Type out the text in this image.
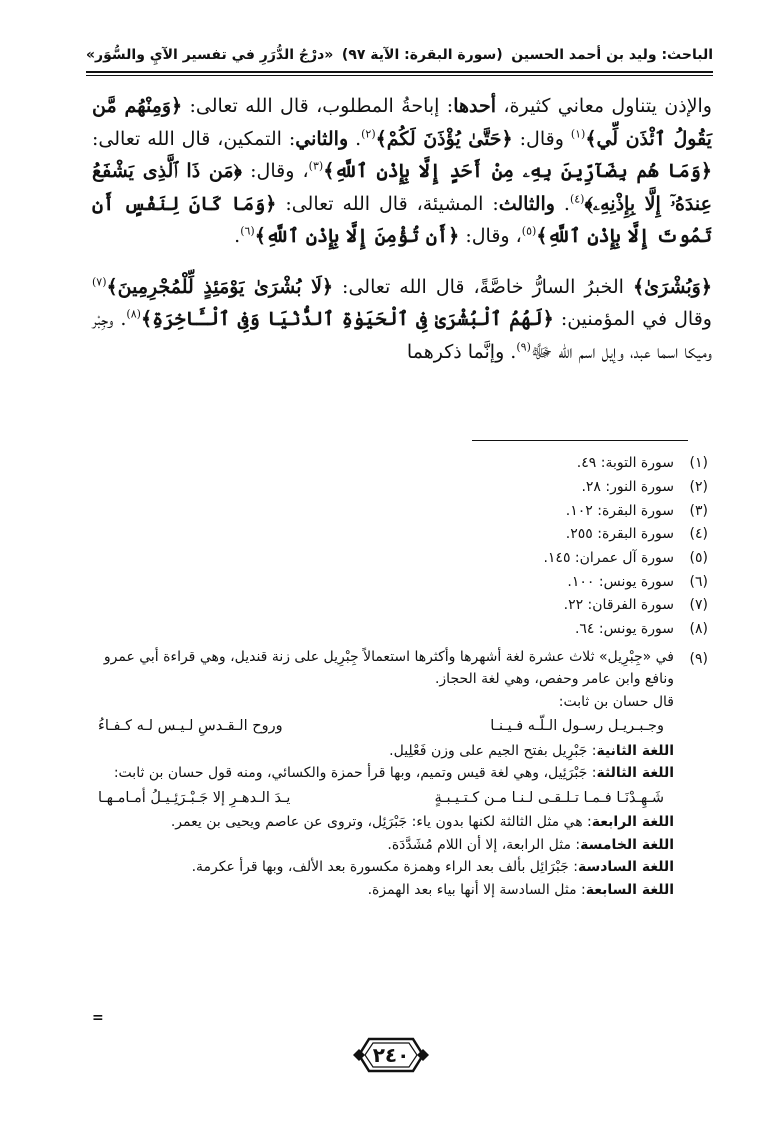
الباحث: وليد بن أحمد الحسين
(سورة البقرة: الآية ٩٧)
«درْجُ الدُّرَرِ في تفسير الآيِ والسُّوَر»

والإذن يتناول معاني كثيرة، أحدها: إباحةُ المطلوب، قال الله تعالى: ﴿وَمِنْهُم مَّن يَقُولُ ٱئْذَن لِّي﴾$^{(١)}$ وقال: ﴿حَتَّىٰ يُؤْذَنَ لَكُمْ﴾$^{(٢)}$. والثاني: التمكين، قال الله تعالى: ﴿وَمَا هُم بِضَآرِّينَ بِهِۦ مِنْ أَحَدٍ إِلَّا بِإِذْنِ ٱللَّهِ﴾$^{(٣)}$، وقال: ﴿مَن ذَا ٱلَّذِى يَشْفَعُ عِندَهُۥٓ إِلَّا بِإِذْنِهِۦ﴾$^{(٤)}$. والثالث: المشيئة، قال الله تعالى: ﴿وَمَا كَانَ لِنَفْسٍ أَن تَمُوتَ إِلَّا بِإِذْنِ ٱللَّهِ﴾$^{(٥)}$، وقال: ﴿أَن تُؤْمِنَ إِلَّا بِإِذْنِ ٱللَّهِ﴾$^{(٦)}$.

﴿وَبُشْرَىٰ﴾ الخبرُ السارُّ خاصَّةً، قال الله تعالى: ﴿لَا بُشْرَىٰ يَوْمَئِذٍ لِّلْمُجْرِمِينَ﴾$^{(٧)}$ وقال في المؤمنين: ﴿لَهُمُ ٱلْبُشْرَىٰ فِى ٱلْحَيَوٰةِ ٱلدُّنْيَا وَفِى ٱلْـَٔاخِرَةِ﴾$^{(٨)}$. وجِبْر وميكا اسما عبد، وإيل اسم الله ﷻ$^{(٩)}$. وإنَّما ذكرهما

(١)
سورة التوبة: ٤٩.
(٢)
سورة النور: ٢٨.
(٣)
سورة البقرة: ١٠٢.
(٤)
سورة البقرة: ٢٥٥.
(٥)
سورة آل عمران: ١٤٥.
(٦)
سورة يونس: ١٠٠.
(٧)
سورة الفرقان: ٢٢.
(٨)
سورة يونس: ٦٤.
(٩)

في «جِبْرِيل» ثلاث عشرة لغة أشهرها وأكثرها استعمالاً جِبْرِيل على زنة قنديل، وهي قراءة أبي عمرو ونافع وابن عامر وحفص، وهي لغة الحجاز.

قال حسان بن ثابت:

وجـبـريـل رسـول الـلّـه فـيـنـا
وروح الـقـدسِ لـيـس لـه كـفـاءُ

اللغة الثانية: جَبْرِيل بفتح الجيم على وزن فَعْلِيل.

اللغة الثالثة: جَبْرَئِيل، وهي لغة قيس وتميم، وبها قرأ حمزة والكسائي، ومنه قول حسان بن ثابت:

شَـهِـدْنَـا فـمـا تـلـقـى لـنـا مـن كـتـيـبـةٍ
يـدَ الـدهـرِ إلا جَـبْـرَئِـيـلُ أمـامـهـا

اللغة الرابعة: هي مثل الثالثة لكنها بدون ياء: جَبْرَئِل، وتروى عن عاصم ويحيى بن يعمر.

اللغة الخامسة: مثل الرابعة، إلا أن اللام مُشَدَّدَة.

اللغة السادسة: جَبْرَائِل بألف بعد الراء وهمزة مكسورة بعد الألف، وبها قرأ عكرمة.

اللغة السابعة: مثل السادسة إلا أنها بياء بعد الهمزة.

=
٢٤٠
